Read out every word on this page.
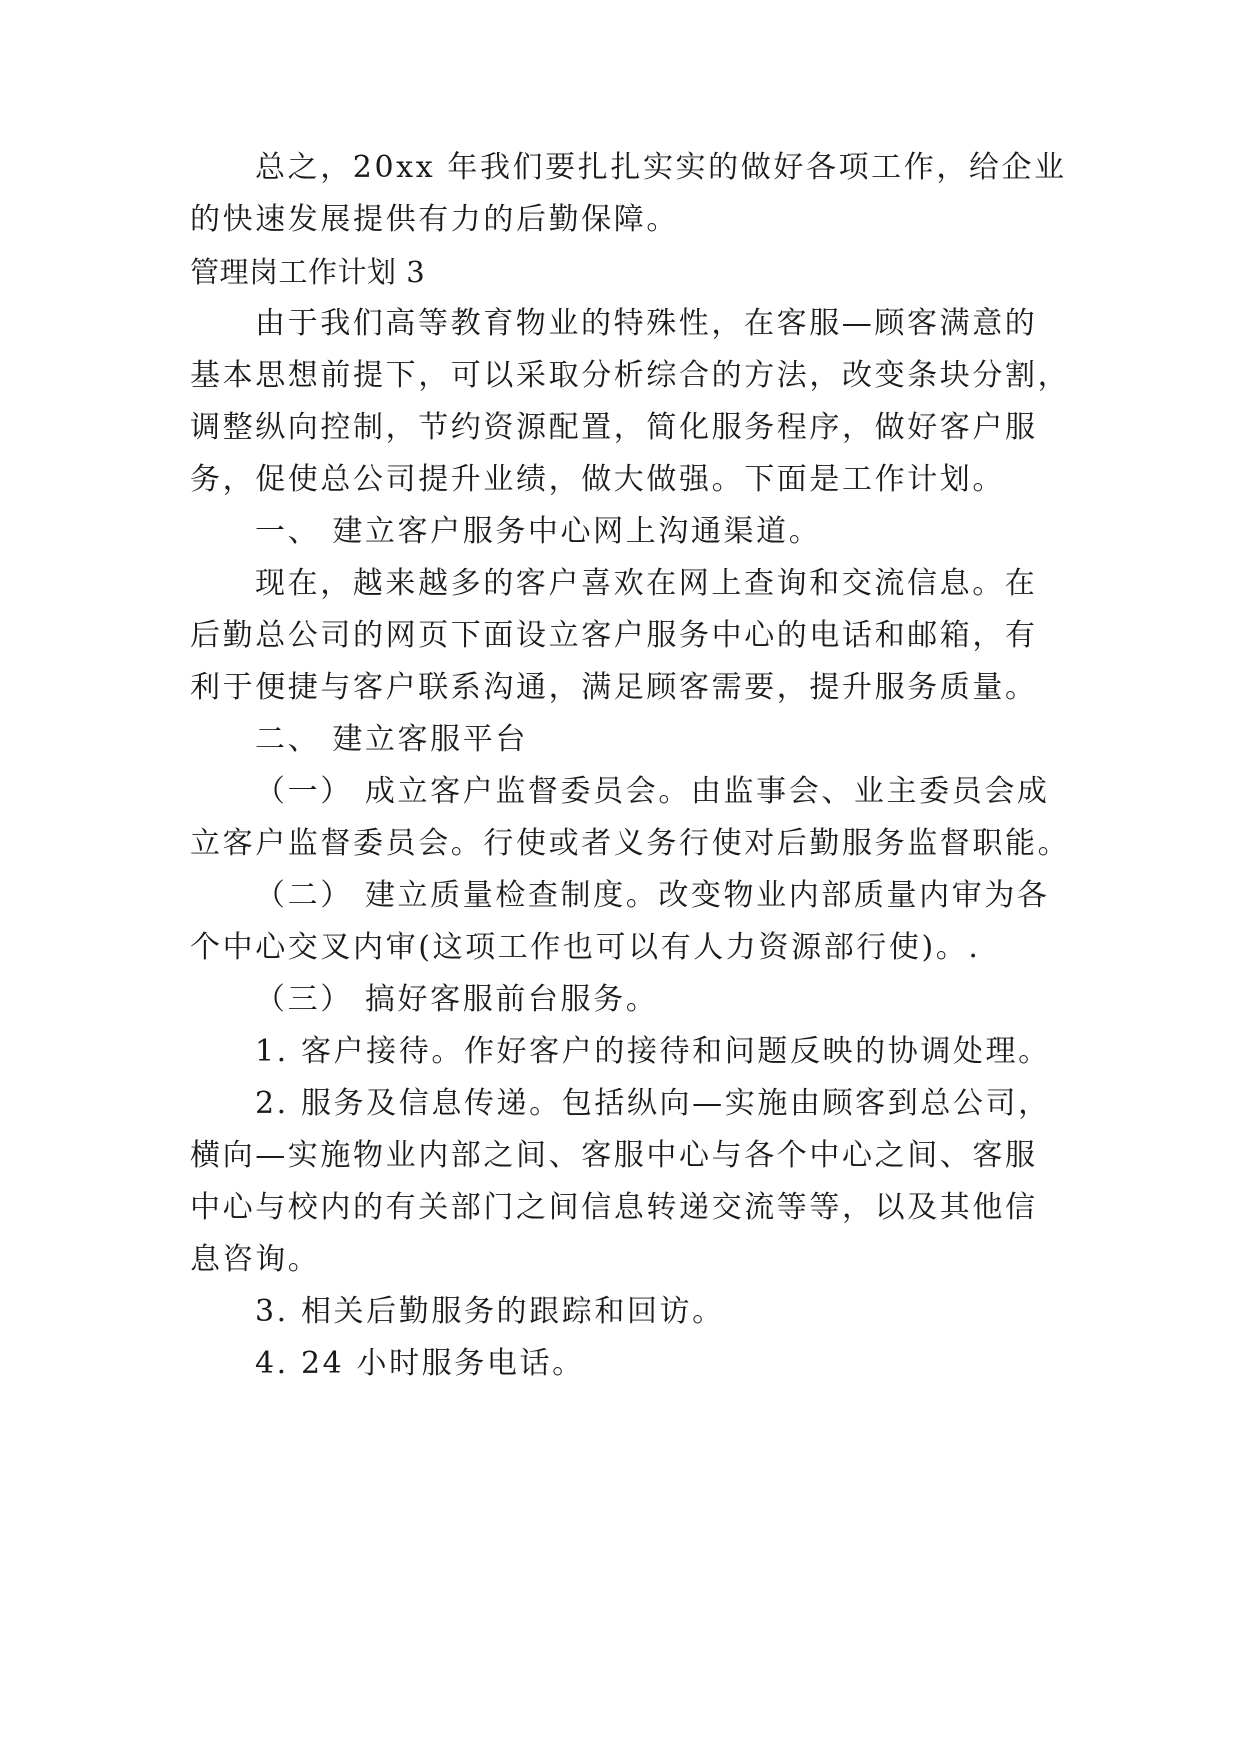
总之，20xx 年我们要扎扎实实的做好各项工作，给企业
的快速发展提供有力的后勤保障。
管理岗工作计划 3
由于我们高等教育物业的特殊性，在客服—顾客满意的
基本思想前提下，可以采取分析综合的方法，改变条块分割，
调整纵向控制，节约资源配置，简化服务程序，做好客户服
务，促使总公司提升业绩，做大做强。下面是工作计划。
一、 建立客户服务中心网上沟通渠道。
现在，越来越多的客户喜欢在网上查询和交流信息。在
后勤总公司的网页下面设立客户服务中心的电话和邮箱，有
利于便捷与客户联系沟通，满足顾客需要，提升服务质量。
二、 建立客服平台
（一） 成立客户监督委员会。由监事会、业主委员会成
立客户监督委员会。行使或者义务行使对后勤服务监督职能。
（二） 建立质量检查制度。改变物业内部质量内审为各
个中心交叉内审(这项工作也可以有人力资源部行使)。.
（三） 搞好客服前台服务。
1. 客户接待。作好客户的接待和问题反映的协调处理。
2. 服务及信息传递。包括纵向—实施由顾客到总公司，
横向—实施物业内部之间、客服中心与各个中心之间、客服
中心与校内的有关部门之间信息转递交流等等，以及其他信
息咨询。
3. 相关后勤服务的跟踪和回访。
4. 24 小时服务电话。
